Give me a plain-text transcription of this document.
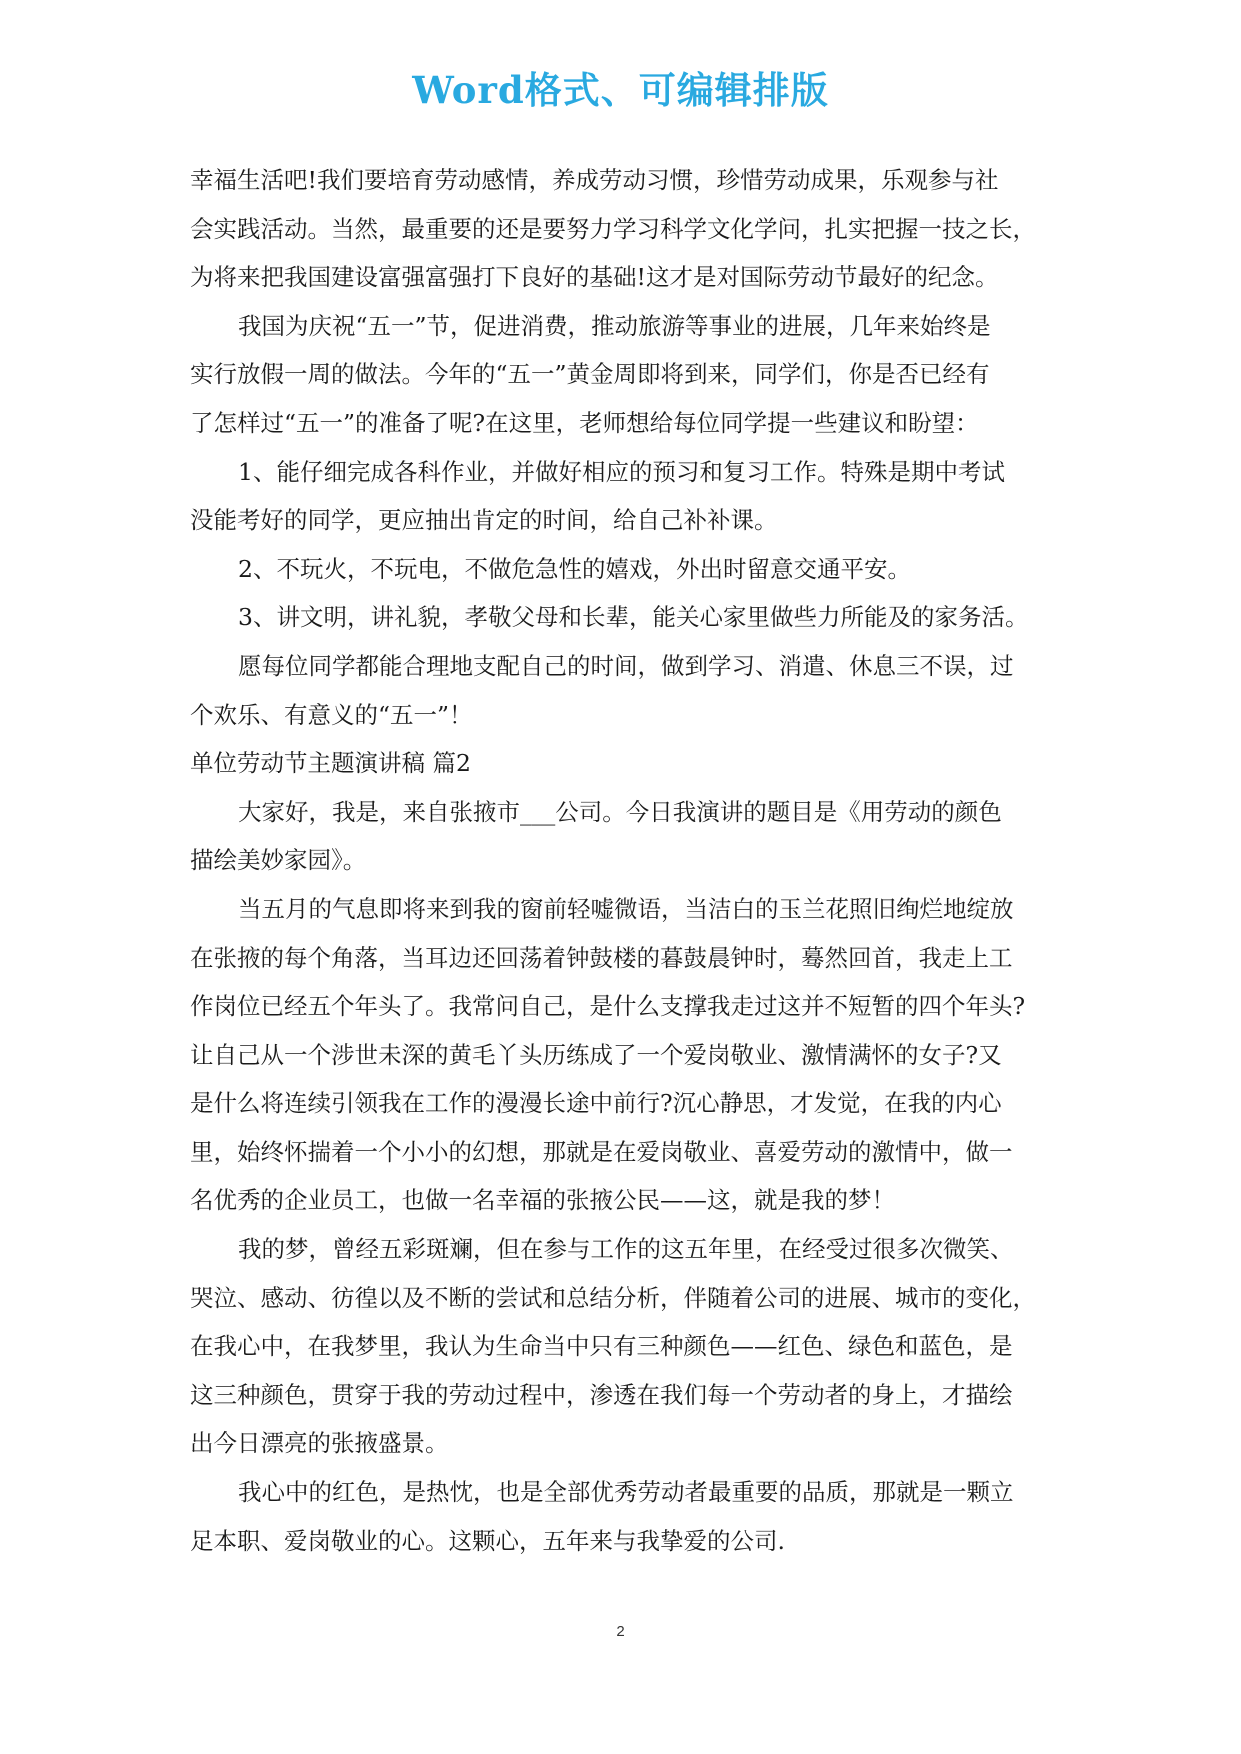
Word格式、可编辑排版
幸福生活吧!我们要培育劳动感情，养成劳动习惯，珍惜劳动成果，乐观参与社
会实践活动。当然，最重要的还是要努力学习科学文化学问，扎实把握一技之长，
为将来把我国建设富强富强打下良好的基础!这才是对国际劳动节最好的纪念。
我国为庆祝“五一”节，促进消费，推动旅游等事业的进展，几年来始终是
实行放假一周的做法。今年的“五一”黄金周即将到来，同学们，你是否已经有
了怎样过“五一”的准备了呢?在这里，老师想给每位同学提一些建议和盼望：
1、能仔细完成各科作业，并做好相应的预习和复习工作。特殊是期中考试
没能考好的同学，更应抽出肯定的时间，给自己补补课。
2、不玩火，不玩电，不做危急性的嬉戏，外出时留意交通平安。
3、讲文明，讲礼貌，孝敬父母和长辈，能关心家里做些力所能及的家务活。
愿每位同学都能合理地支配自己的时间，做到学习、消遣、休息三不误，过
个欢乐、有意义的“五一”！
单位劳动节主题演讲稿 篇2
大家好，我是，来自张掖市___公司。今日我演讲的题目是《用劳动的颜色
描绘美妙家园》。
当五月的气息即将来到我的窗前轻嘘微语，当洁白的玉兰花照旧绚烂地绽放
在张掖的每个角落，当耳边还回荡着钟鼓楼的暮鼓晨钟时，蓦然回首，我走上工
作岗位已经五个年头了。我常问自己，是什么支撑我走过这并不短暂的四个年头?
让自己从一个涉世未深的黄毛丫头历练成了一个爱岗敬业、激情满怀的女子?又
是什么将连续引领我在工作的漫漫长途中前行?沉心静思，才发觉，在我的内心
里，始终怀揣着一个小小的幻想，那就是在爱岗敬业、喜爱劳动的激情中，做一
名优秀的企业员工，也做一名幸福的张掖公民——这，就是我的梦！
我的梦，曾经五彩斑斓，但在参与工作的这五年里，在经受过很多次微笑、
哭泣、感动、彷徨以及不断的尝试和总结分析，伴随着公司的进展、城市的变化，
在我心中，在我梦里，我认为生命当中只有三种颜色——红色、绿色和蓝色，是
这三种颜色，贯穿于我的劳动过程中，渗透在我们每一个劳动者的身上，才描绘
出今日漂亮的张掖盛景。
我心中的红色，是热忱，也是全部优秀劳动者最重要的品质，那就是一颗立
足本职、爱岗敬业的心。这颗心，五年来与我挚爱的公司.
2
